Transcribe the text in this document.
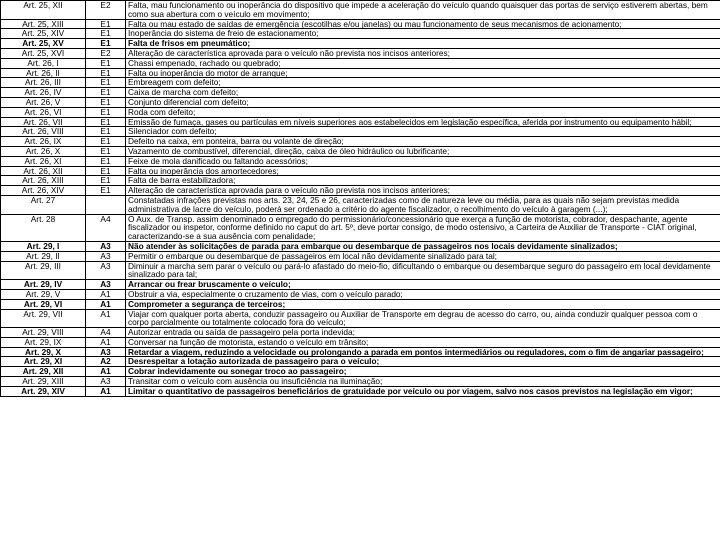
Art. 25, XII	E2	Falta, mau funcionamento ou inoperância do dispositivo que impede a aceleração do veículo quando quaisquer das portas de serviço estiverem abertas, bem como sua abertura com o veículo em movimento;
Art. 25, XIII	E1	Falta ou mau estado de saídas de emergência (escotilhas e/ou janelas) ou mau funcionamento de seus mecanismos de acionamento;
Art. 25, XIV	E1	Inoperância do sistema de freio de estacionamento;
Art. 25, XV	E1	Falta de frisos em pneumático;
Art. 25, XVI	E2	Alteração de característica aprovada para o veículo não prevista nos incisos anteriores;
Art. 26, I	E1	Chassi empenado, rachado ou quebrado;
Art. 26, II	E1	Falta ou inoperância do motor de arranque;
Art. 26, III	E1	Embreagem com defeito;
Art. 26, IV	E1	Caixa de marcha com defeito;
Art. 26, V	E1	Conjunto diferencial com defeito;
Art. 26, VI	E1	Roda com defeito;
Art. 26, VII	E1	Emissão de fumaça, gases ou partículas em níveis superiores aos estabelecidos em legislação específica, aferida por instrumento ou equipamento hábil;
Art. 26, VIII	E1	Silenciador com defeito;
Art. 26, IX	E1	Defeito na caixa, em ponteira, barra ou volante de direção;
Art. 26, X	E1	Vazamento de combustível, diferencial, direção, caixa de óleo hidráulico ou lubrificante;
Art. 26, XI	E1	Feixe de mola danificado ou faltando acessórios;
Art. 26, XII	E1	Falta ou inoperância dos amortecedores;
Art. 26, XIII	E1	Falta de barra estabilizadora;
Art. 26, XIV	E1	Alteração de característica aprovada para o veículo não prevista nos incisos anteriores;
Art. 27		Constatadas infrações previstas nos arts. 23, 24, 25 e 26, caracterizadas como de natureza leve ou média, para as quais não sejam previstas medida administrativa de lacre do veículo, poderá ser ordenado a critério do agente fiscalizador, o recolhimento do veículo à garagem (...);
Art. 28	A4	O Aux. de Transp. assim denominado o empregado do permissionário/concessionário que exerça a função de motorista, cobrador, despachante, agente fiscalizador ou inspetor, conforme definido no caput do art. 5º, deve portar consigo, de modo ostensivo, a Carteira de Auxiliar de Transporte - CIAT original, caracterizando-se a sua ausência com penalidade;
Art. 29, I	A3	Não atender às solicitações de parada para embarque ou desembarque de passageiros nos locais devidamente sinalizados;
Art. 29, II	A3	Permitir o embarque ou desembarque de passageiros em local não devidamente sinalizado para tal;
Art. 29, III	A3	Diminuir a marcha sem parar o veículo ou pará-lo afastado do meio-fio, dificultando o embarque ou desembarque seguro do passageiro em local devidamente sinalizado para tal;
Art. 29, IV	A3	Arrancar ou frear bruscamente o veículo;
Art. 29, V	A1	Obstruir a via, especialmente o cruzamento de vias, com o veículo parado;
Art. 29, VI	A1	Comprometer a segurança de terceiros;
Art. 29, VII	A1	Viajar com qualquer porta aberta, conduzir passageiro ou Auxiliar de Transporte em degrau de acesso do carro, ou, ainda conduzir qualquer pessoa com o corpo parcialmente ou totalmente colocado fora do veículo;
Art. 29, VIII	A4	Autorizar entrada ou saída de passageiro pela porta indevida;
Art. 29, IX	A1	Conversar na função de motorista, estando o veículo em trânsito;
Art. 29, X	A3	Retardar a viagem, reduzindo a velocidade ou prolongando a parada em pontos intermediários ou reguladores, com o fim de angariar passageiro;
Art. 29, XI	A2	Desrespeitar a lotação autorizada de passageiro para o veículo;
Art. 29, XII	A1	Cobrar indevidamente ou sonegar troco ao passageiro;
Art. 29, XIII	A3	Transitar com o veículo com ausência ou insuficiência na iluminação;
Art. 29, XIV	A1	Limitar o quantitativo de passageiros beneficiários de gratuidade por veículo ou por viagem, salvo nos casos previstos na legislação em vigor;
